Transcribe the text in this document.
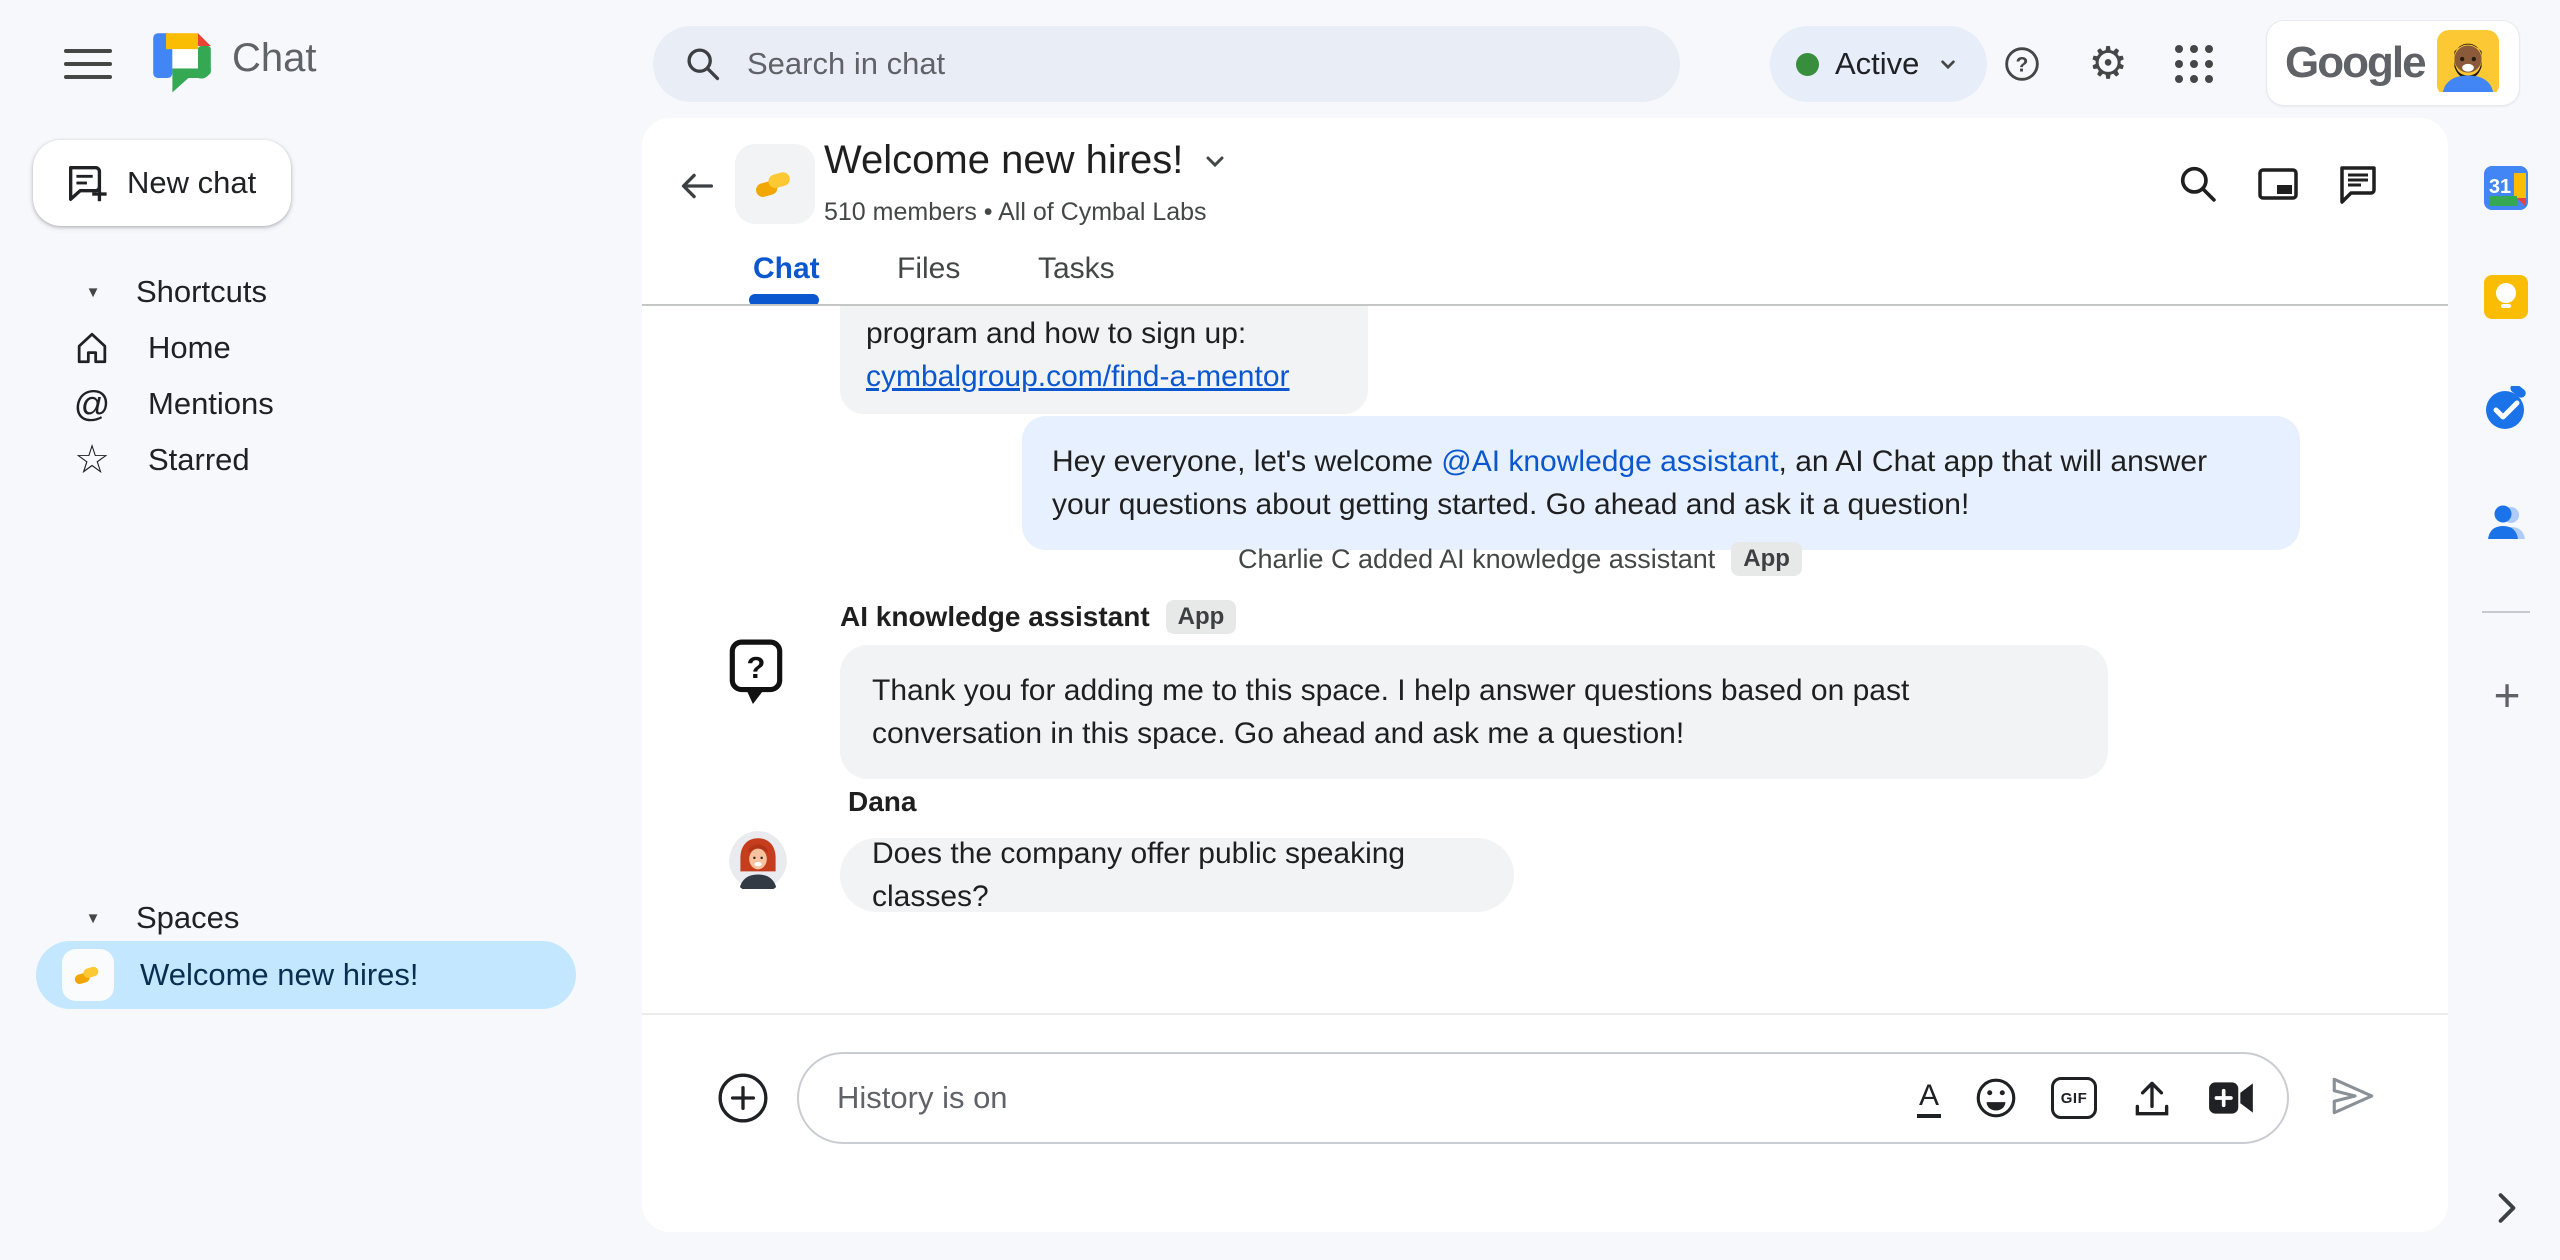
Chat
Search in chat	Active	? ⚙	Google
New chat
▼ Shortcuts
Home
@ Mentions
☆ Starred
▼ Spaces
Welcome new hires!
Welcome new hires!
510 members • All of Cymbal Labs
Chat	Files	Tasks
program and how to sign up:
cymbalgroup.com/find-a-mentor
Hey everyone, let's welcome @AI knowledge assistant, an AI Chat app that will answer your questions about getting started. Go ahead and ask it a question!
Charlie C added AI knowledge assistant	App
AI knowledge assistant	App
?
Thank you for adding me to this space. I help answer questions based on past conversation in this space. Go ahead and ask me a question!
Dana
Does the company offer public speaking classes?
History is on
A	GIF
31
+
